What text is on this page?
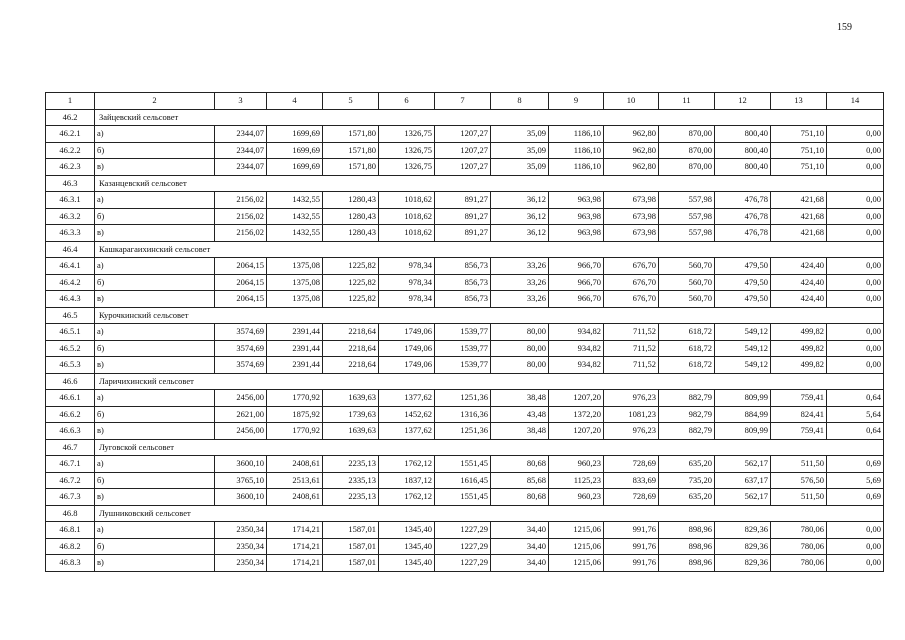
159
1	2	3	4	5	6	7	8	9	10	11	12	13	14
46.2	Зайцевский сельсовет												
46.2.1	а)	2344,07	1699,69	1571,80	1326,75	1207,27	35,09	1186,10	962,80	870,00	800,40	751,10	0,00
46.2.2	б)	2344,07	1699,69	1571,80	1326,75	1207,27	35,09	1186,10	962,80	870,00	800,40	751,10	0,00
46.2.3	в)	2344,07	1699,69	1571,80	1326,75	1207,27	35,09	1186,10	962,80	870,00	800,40	751,10	0,00
46.3	Казанцевский сельсовет												
46.3.1	а)	2156,02	1432,55	1280,43	1018,62	891,27	36,12	963,98	673,98	557,98	476,78	421,68	0,00
46.3.2	б)	2156,02	1432,55	1280,43	1018,62	891,27	36,12	963,98	673,98	557,98	476,78	421,68	0,00
46.3.3	в)	2156,02	1432,55	1280,43	1018,62	891,27	36,12	963,98	673,98	557,98	476,78	421,68	0,00
46.4	Кашкарагаихинский сельсовет												
46.4.1	а)	2064,15	1375,08	1225,82	978,34	856,73	33,26	966,70	676,70	560,70	479,50	424,40	0,00
46.4.2	б)	2064,15	1375,08	1225,82	978,34	856,73	33,26	966,70	676,70	560,70	479,50	424,40	0,00
46.4.3	в)	2064,15	1375,08	1225,82	978,34	856,73	33,26	966,70	676,70	560,70	479,50	424,40	0,00
46.5	Курочкинский сельсовет												
46.5.1	а)	3574,69	2391,44	2218,64	1749,06	1539,77	80,00	934,82	711,52	618,72	549,12	499,82	0,00
46.5.2	б)	3574,69	2391,44	2218,64	1749,06	1539,77	80,00	934,82	711,52	618,72	549,12	499,82	0,00
46.5.3	в)	3574,69	2391,44	2218,64	1749,06	1539,77	80,00	934,82	711,52	618,72	549,12	499,82	0,00
46.6	Ларичихинский сельсовет												
46.6.1	а)	2456,00	1770,92	1639,63	1377,62	1251,36	38,48	1207,20	976,23	882,79	809,99	759,41	0,64
46.6.2	б)	2621,00	1875,92	1739,63	1452,62	1316,36	43,48	1372,20	1081,23	982,79	884,99	824,41	5,64
46.6.3	в)	2456,00	1770,92	1639,63	1377,62	1251,36	38,48	1207,20	976,23	882,79	809,99	759,41	0,64
46.7	Луговской сельсовет												
46.7.1	а)	3600,10	2408,61	2235,13	1762,12	1551,45	80,68	960,23	728,69	635,20	562,17	511,50	0,69
46.7.2	б)	3765,10	2513,61	2335,13	1837,12	1616,45	85,68	1125,23	833,69	735,20	637,17	576,50	5,69
46.7.3	в)	3600,10	2408,61	2235,13	1762,12	1551,45	80,68	960,23	728,69	635,20	562,17	511,50	0,69
46.8	Лушниковский сельсовет												
46.8.1	а)	2350,34	1714,21	1587,01	1345,40	1227,29	34,40	1215,06	991,76	898,96	829,36	780,06	0,00
46.8.2	б)	2350,34	1714,21	1587,01	1345,40	1227,29	34,40	1215,06	991,76	898,96	829,36	780,06	0,00
46.8.3	в)	2350,34	1714,21	1587,01	1345,40	1227,29	34,40	1215,06	991,76	898,96	829,36	780,06	0,00
